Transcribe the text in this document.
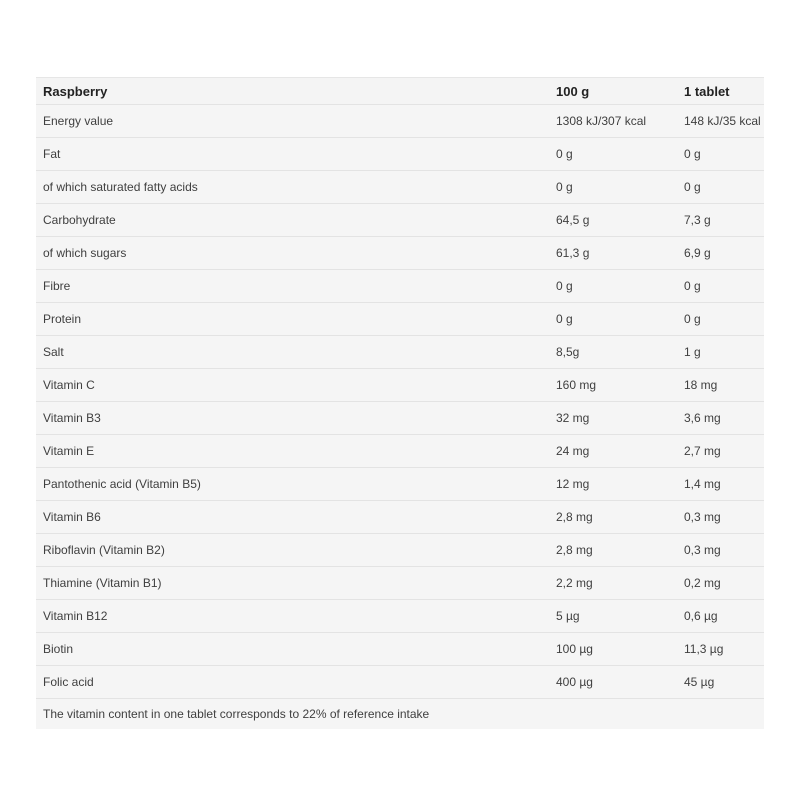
Raspberry	100 g	1 tablet
Energy value	1308 kJ/307 kcal	148 kJ/35 kcal
Fat	0 g	0 g
of which saturated fatty acids	0 g	0 g
Carbohydrate	64,5 g	7,3 g
of which sugars	61,3 g	6,9 g
Fibre	0 g	0 g
Protein	0 g	0 g
Salt	8,5g	1 g
Vitamin C	160 mg	18 mg
Vitamin B3	32 mg	3,6 mg
Vitamin E	24 mg	2,7 mg
Pantothenic acid (Vitamin B5)	12 mg	1,4 mg
Vitamin B6	2,8 mg	0,3 mg
Riboflavin (Vitamin B2)	2,8 mg	0,3 mg
Thiamine (Vitamin B1)	2,2 mg	0,2 mg
Vitamin B12	5 µg	0,6 µg
Biotin	100 µg	11,3 µg
Folic acid	400 µg	45 µg
The vitamin content in one tablet corresponds to 22% of reference intake
